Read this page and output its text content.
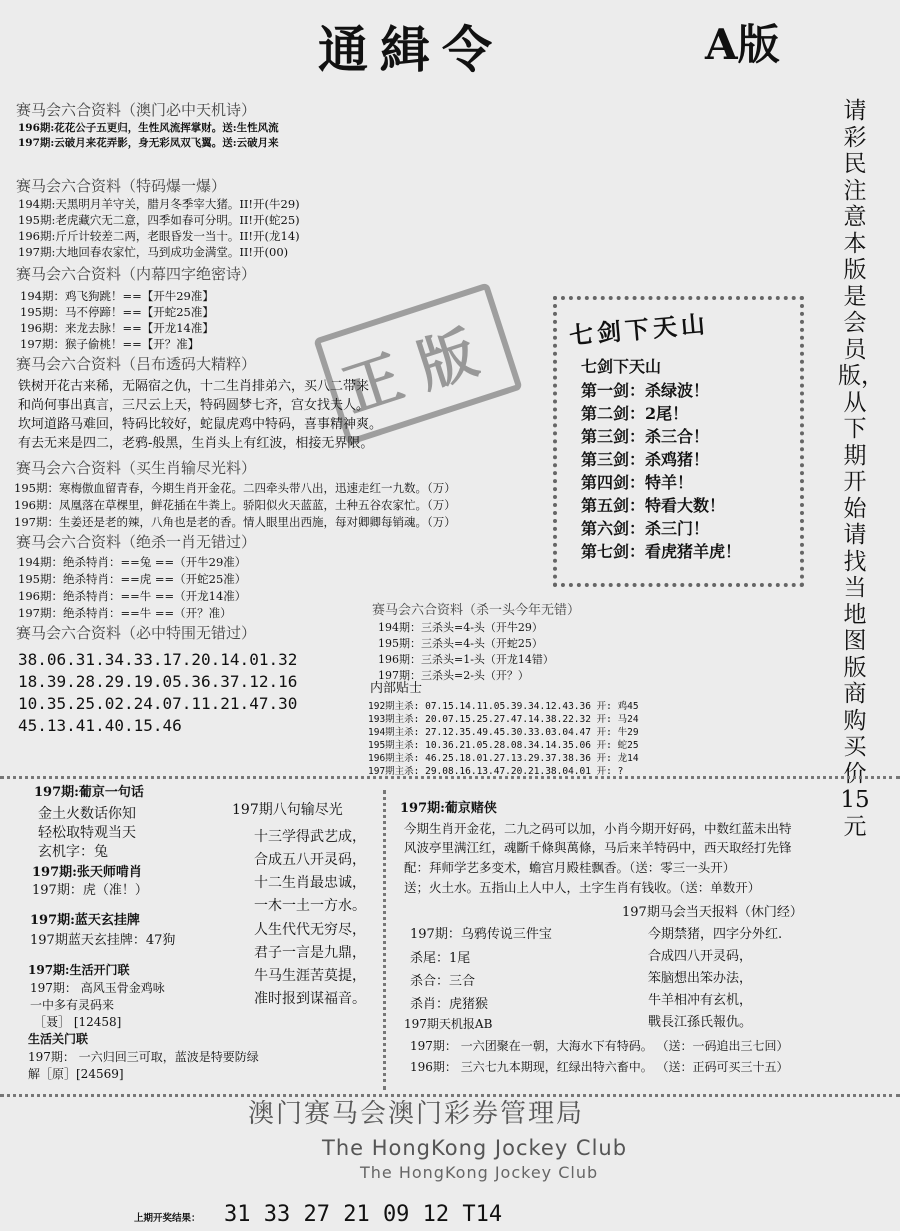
通緝令	A版
请彩民注意本版是会员版，从下期开始请找当地图版商购买价15元
赛马会六合资料（澳门必中天机诗）
196期:花花公子五更归，生性风流挥掌财。送:生性风流
197期:云破月来花弄影，身无彩凤双飞翼。送:云破月来
赛马会六合资料（特码爆一爆）
194期:天黑明月羊守关，腊月冬季宰大猪。II!开(牛29)
195期:老虎藏穴无二意，四季如春可分明。II!开(蛇25)
196期:斤斤计较差二两，老眼昏发一当十。II!开(龙14)
197期:大地回春农家忙，马到成功金满堂。II!开(00)
赛马会六合资料（内幕四字绝密诗）
194期：鸡飞狗跳！==【开牛29准】
195期：马不停蹄！==【开蛇25准】
196期：来龙去脉！==【开龙14准】
197期：猴子偷桃！==【开？准】 正版
赛马会六合资料（吕布透码大精粹）
铁树开花古来稀，无隔宿之仇，十二生肖排弟六，买八二带来
和尚何事出真言，三尺云上天，特码圆梦七齐，宫女找夫人。
坎坷道路马难回，特码比较好，蛇鼠虎鸡中特码，喜事精神爽。
有去无来是四二，老鸦-般黑，生肖头上有红波，相接无界限。
赛马会六合资料（买生肖输尽光料）
195期：寒梅傲血留青春，今期生肖开金花。二四牵头带八出，迅速走红一九数。（万）
196期：凤凰落在草棵里，鲜花插在牛粪上。骄阳似火天蓝蓝，土种五谷农家忙。（万）
197期：生姜还是老的辣，八角也是老的香。情人眼里出西施，每对卿卿每销魂。（万）
赛马会六合资料（绝杀一肖无错过）
194期：绝杀特肖：==兔 ==（开牛29准）
195期：绝杀特肖：==虎 ==（开蛇25准）
196期：绝杀特肖：==牛 ==（开龙14准）
197期：绝杀特肖：==牛 ==（开？准）
赛马会六合资料（必中特围无错过）
38.06.31.34.33.17.20.14.01.32
18.39.28.29.19.05.36.37.12.16
10.35.25.02.24.07.11.21.47.30
45.13.41.40.15.46
赛马会六合资料（杀一头今年无错）
194期：三杀头=4-头（开牛29）
195期：三杀头=4-头（开蛇25）
196期：三杀头=1-头（开龙14错）
197期：三杀头=2-头（开？）
内部贴士
192期主杀: 07.15.14.11.05.39.34.12.43.36 开: 鸡45
193期主杀: 20.07.15.25.27.47.14.38.22.32 开: 马24
194期主杀: 27.12.35.49.45.30.33.03.04.47 开: 牛29
195期主杀: 10.36.21.05.28.08.34.14.35.06 开: 蛇25
196期主杀: 46.25.18.01.27.13.29.37.38.36 开: 龙14
197期主杀: 29.08.16.13.47.20.21.38.04.01 开: ?
七剑下天山
七剑下天山
第一剑：杀绿波！
第二剑：2尾！
第三剑：杀三合！
第三剑：杀鸡猪！
第四剑：特羊！
第五剑：特看大数！
第六剑：杀三门！
第七剑：看虎猪羊虎！
197期:葡京一句话
金土火数话你知
轻松取特观当天
玄机字：兔
197期:张天师啃肖
197期：虎（准！）
197期:蓝天玄挂牌
197期蓝天玄挂牌：47狗
197期:生活开门联
197期： 高风玉骨金鸡咏
一中多有灵码来
［聂］ [12458]
生活关门联
197期： 一六归回三可取，蓝波是特要防绿
解［原］[24569]
197期八句输尽光
十三学得武艺成，
合成五八开灵码，
十二生肖最忠诚，
一木一土一方水。
人生代代无穷尽，
君子一言是九鼎，
牛马生涯苦莫提，
准时报到谋福音。
197期:葡京赌侠
今期生肖开金花，二九之码可以加，小肖今期开好码，中数红蓝未出特
风波亭里满江红，魂斷千條與萬條，马后来羊特码中，西天取经打先锋
配：拜师学艺多变术，蟾宫月殿桂飘香。（送：零三一头开）
送；火土水。五指山上人中人，土字生肖有钱收。（送：单数开）
197期：乌鸦传说三件宝
杀尾：1尾
杀合：三合
杀肖：虎猪猴
197期马会当天报料（休门经）
今期禁猪，四字分外红.
合成四八开灵码，
笨脑想出笨办法，
牛羊相冲有玄机，
戰長江孫氏報仇。
197期天机报AB
197期： 一六团聚在一朝，大海水下有特码。 （送：一码追出三七回）
196期： 三六七九本期现，红绿出特六畜中。 （送：正码可买三十五）
澳门赛马会澳门彩券管理局
The HongKong Jockey Club
The HongKong Jockey Club
上期开奖结果： 31 33 27 21 09 12 T14
